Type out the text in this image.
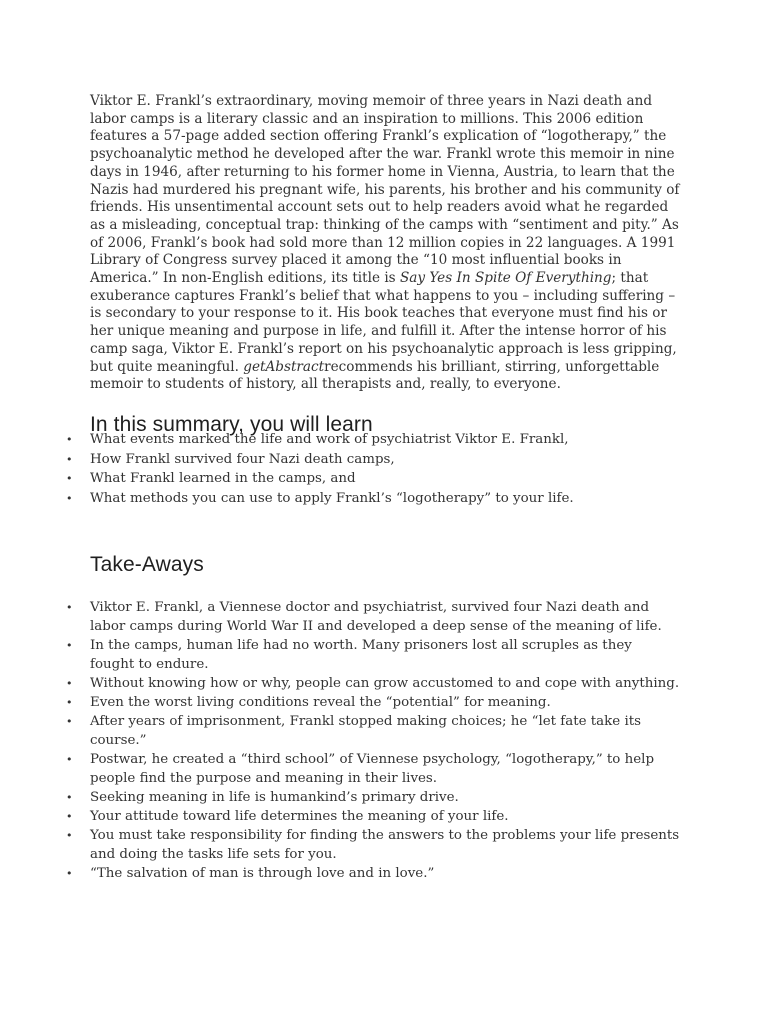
Viktor E. Frankl’s extraordinary, moving memoir of three years in Nazi death and labor camps is a literary classic and an inspiration to millions. This 2006 edition features a 57-page added section offering Frankl’s explication of “logotherapy,” the psychoanalytic method he developed after the war. Frankl wrote this memoir in nine days in 1946, after returning to his former home in Vienna, Austria, to learn that the Nazis had murdered his pregnant wife, his parents, his brother and his community of friends. His unsentimental account sets out to help readers avoid what he regarded as a misleading, conceptual trap: thinking of the camps with “sentiment and pity.” As of 2006, Frankl’s book had sold more than 12 million copies in 22 languages. A 1991 Library of Congress survey placed it among the “10 most influential books in America.” In non-English editions, its title is Say Yes In Spite Of Everything; that exuberance captures Frankl’s belief that what happens to you – including suffering – is secondary to your response to it. His book teaches that everyone must find his or her unique meaning and purpose in life, and fulfill it. After the intense horror of his camp saga, Viktor E. Frankl’s report on his psychoanalytic approach is less gripping, but quite meaningful. getAbstractrecommends his brilliant, stirring, unforgettable memoir to students of history, all therapists and, really, to everyone.

In this summary, you will learn
• What events marked the life and work of psychiatrist Viktor E. Frankl,
• How Frankl survived four Nazi death camps,
• What Frankl learned in the camps, and
• What methods you can use to apply Frankl’s “logotherapy” to your life.
Take-Aways
• Viktor E. Frankl, a Viennese doctor and psychiatrist, survived four Nazi death and labor camps during World War II and developed a deep sense of the meaning of life.
• In the camps, human life had no worth. Many prisoners lost all scruples as they fought to endure.
• Without knowing how or why, people can grow accustomed to and cope with anything.
• Even the worst living conditions reveal the “potential” for meaning.
• After years of imprisonment, Frankl stopped making choices; he “let fate take its course.”
• Postwar, he created a “third school” of Viennese psychology, “logotherapy,” to help people find the purpose and meaning in their lives.
• Seeking meaning in life is humankind’s primary drive.
• Your attitude toward life determines the meaning of your life.
• You must take responsibility for finding the answers to the problems your life presents and doing the tasks life sets for you.
• “The salvation of man is through love and in love.”
